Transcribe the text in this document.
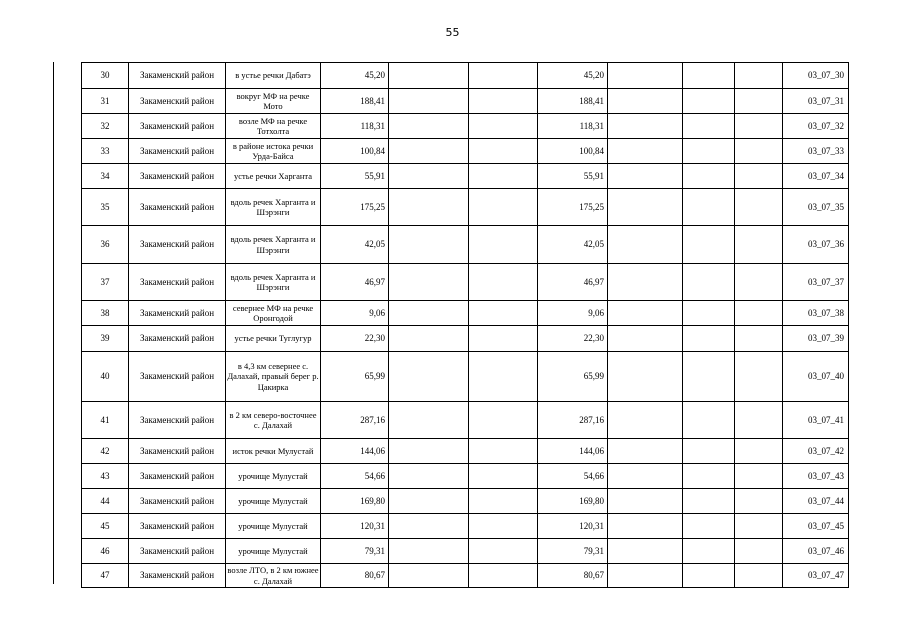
55
30	Закаменский район	в устье речки Дабатэ	45,20			45,20				03_07_30
31	Закаменский район	вокруг МФ на речке Мото	188,41			188,41				03_07_31
32	Закаменский район	возле МФ на речке Тотхолта	118,31			118,31				03_07_32
33	Закаменский район	в районе истока речки Урда-Байса	100,84			100,84				03_07_33
34	Закаменский район	устье речки Харганта	55,91			55,91				03_07_34
35	Закаменский район	вдоль речек Харганта и Шэрэнги	175,25			175,25				03_07_35
36	Закаменский район	вдоль речек Харганта и Шэрэнги	42,05			42,05				03_07_36
37	Закаменский район	вдоль речек Харганта и Шэрэнги	46,97			46,97				03_07_37
38	Закаменский район	севернее МФ на речке Оронгодой	9,06			9,06				03_07_38
39	Закаменский район	устье речки Туглугур	22,30			22,30				03_07_39
40	Закаменский район	в 4,3 км севернее с. Далахай, правый берег р. Цакирка	65,99			65,99				03_07_40
41	Закаменский район	в 2 км северо-восточнее с. Далахай	287,16			287,16				03_07_41
42	Закаменский район	исток речки Мулустай	144,06			144,06				03_07_42
43	Закаменский район	урочище Мулустай	54,66			54,66				03_07_43
44	Закаменский район	урочище Мулустай	169,80			169,80				03_07_44
45	Закаменский район	урочище Мулустай	120,31			120,31				03_07_45
46	Закаменский район	урочище Мулустай	79,31			79,31				03_07_46
47	Закаменский район	возле ЛТО, в 2 км южнее с. Далахай	80,67			80,67				03_07_47
